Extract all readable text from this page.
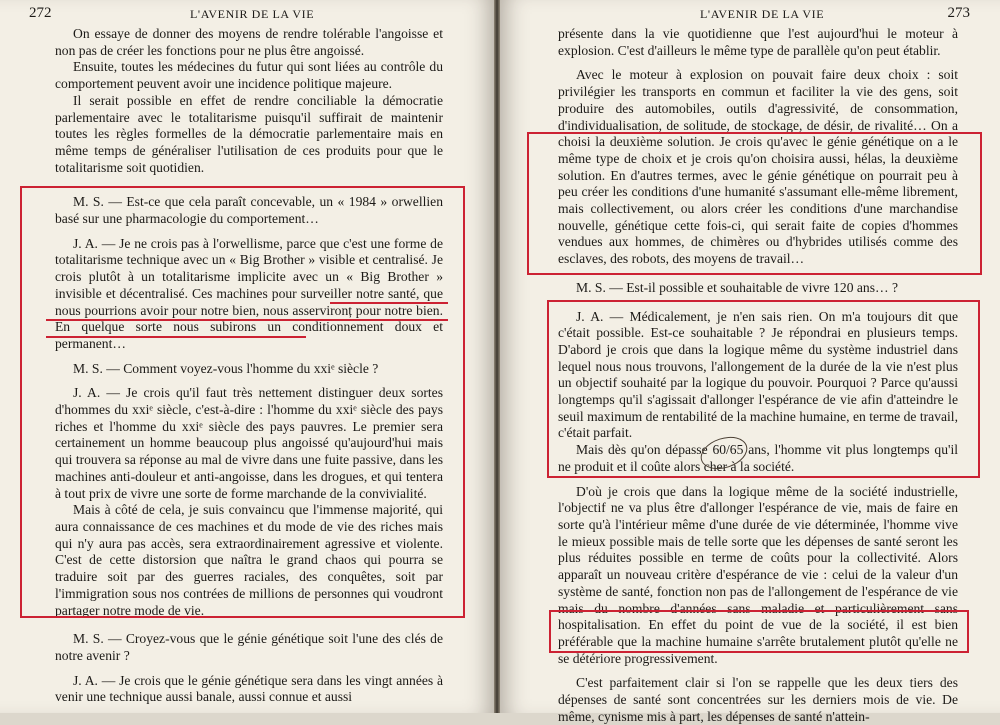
272	L'AVENIR DE LA VIE

On essaye de donner des moyens de rendre tolérable l'angoisse et non pas de créer les fonctions pour ne plus être angoissé.

Ensuite, toutes les médecines du futur qui sont liées au contrôle du comportement peuvent avoir une incidence politique majeure.

Il serait possible en effet de rendre conciliable la démocratie parlementaire avec le totalitarisme puisqu'il suffirait de maintenir toutes les règles formelles de la démocratie parlementaire mais en même temps de généraliser l'utilisation de ces produits pour que le totalitarisme soit quotidien.

M. S. — Est-ce que cela paraît concevable, un « 1984 » orwellien basé sur une pharmacologie du comportement…

J. A. — Je ne crois pas à l'orwellisme, parce que c'est une forme de totalitarisme technique avec un « Big Brother » visible et centralisé. Je crois plutôt à un totalitarisme implicite avec un « Big Brother » invisible et décentralisé. Ces machines pour surveiller notre santé, que nous pourrions avoir pour notre bien, nous asservironț pour notre bien. En quelque sorte nous subirons un conditionnement doux et permanent…

M. S. — Comment voyez-vous l'homme du xxiᵉ siècle ?

J. A. — Je crois qu'il faut très nettement distinguer deux sortes d'hommes du xxiᵉ siècle, c'est-à-dire : l'homme du xxiᵉ siècle des pays riches et l'homme du xxiᵉ siècle des pays pauvres. Le premier sera certainement un homme beaucoup plus angoissé qu'aujourd'hui mais qui trouvera sa réponse au mal de vivre dans une fuite passive, dans les machines anti-douleur et anti-angoisse, dans les drogues, et qui tentera à tout prix de vivre une sorte de forme marchande de la convivialité.

Mais à côté de cela, je suis convaincu que l'immense majorité, qui aura connaissance de ces machines et du mode de vie des riches mais qui n'y aura pas accès, sera extraordinairement agressive et violente. C'est de cette distorsion que naîtra le grand chaos qui pourra se traduire soit par des guerres raciales, des conquêtes, soit par l'immigration sous nos contrées de millions de personnes qui voudront partager notre mode de vie.

M. S. — Croyez-vous que le génie génétique soit l'une des clés de notre avenir ?

J. A. — Je crois que le génie génétique sera dans les vingt années à venir une technique aussi banale, aussi connue et aussi

L'AVENIR DE LA VIE	273

présente dans la vie quotidienne que l'est aujourd'hui le moteur à explosion. C'est d'ailleurs le même type de parallèle qu'on peut établir.

Avec le moteur à explosion on pouvait faire deux choix : soit privilégier les transports en commun et faciliter la vie des gens, soit produire des automobiles, outils d'agressivité, de consommation, d'individualisation, de solitude, de stockage, de désir, de rivalité… On a choisi la deuxième solution. Je crois qu'avec le génie génétique on a le même type de choix et je crois qu'on choisira aussi, hélas, la deuxième solution. En d'autres termes, avec le génie génétique on pourrait peu à peu créer les conditions d'une humanité s'assumant elle-même librement, mais collectivement, ou alors créer les conditions d'une marchandise nouvelle, génétique cette fois-ci, qui serait faite de copies d'hommes vendues aux hommes, de chimères ou d'hybrides utilisés comme des esclaves, des robots, des moyens de travail…

M. S. — Est-il possible et souhaitable de vivre 120 ans… ?

J. A. — Médicalement, je n'en sais rien. On m'a toujours dit que c'était possible. Est-ce souhaitable ? Je répondrai en plusieurs temps. D'abord je crois que dans la logique même du système industriel dans lequel nous nous trouvons, l'allongement de la durée de la vie n'est plus un objectif souhaité par la logique du pouvoir. Pourquoi ? Parce qu'aussi longtemps qu'il s'agissait d'allonger l'espérance de vie afin d'atteindre le seuil maximum de rentabilité de la machine humaine, en terme de travail, c'était parfait.

Mais dès qu'on dépasse 60/65 ans, l'homme vit plus longtemps qu'il ne produit et il coûte alors cher à la société.

D'où je crois que dans la logique même de la société industrielle, l'objectif ne va plus être d'allonger l'espérance de vie, mais de faire en sorte qu'à l'intérieur même d'une durée de vie déterminée, l'homme vive le mieux possible mais de telle sorte que les dépenses de santé seront les plus réduites possible en terme de coûts pour la collectivité. Alors apparaît un nouveau critère d'espérance de vie : celui de la valeur d'un système de santé, fonction non pas de l'allongement de l'espérance de vie mais du nombre d'années sans maladie et particulièrement sans hospitalisation. En effet du point de vue de la société, il est bien préférable que la machine humaine s'arrête brutalement plutôt qu'elle ne se détériore progressivement.

C'est parfaitement clair si l'on se rappelle que les deux tiers des dépenses de santé sont concentrées sur les derniers mois de vie. De même, cynisme mis à part, les dépenses de santé n'attein-
